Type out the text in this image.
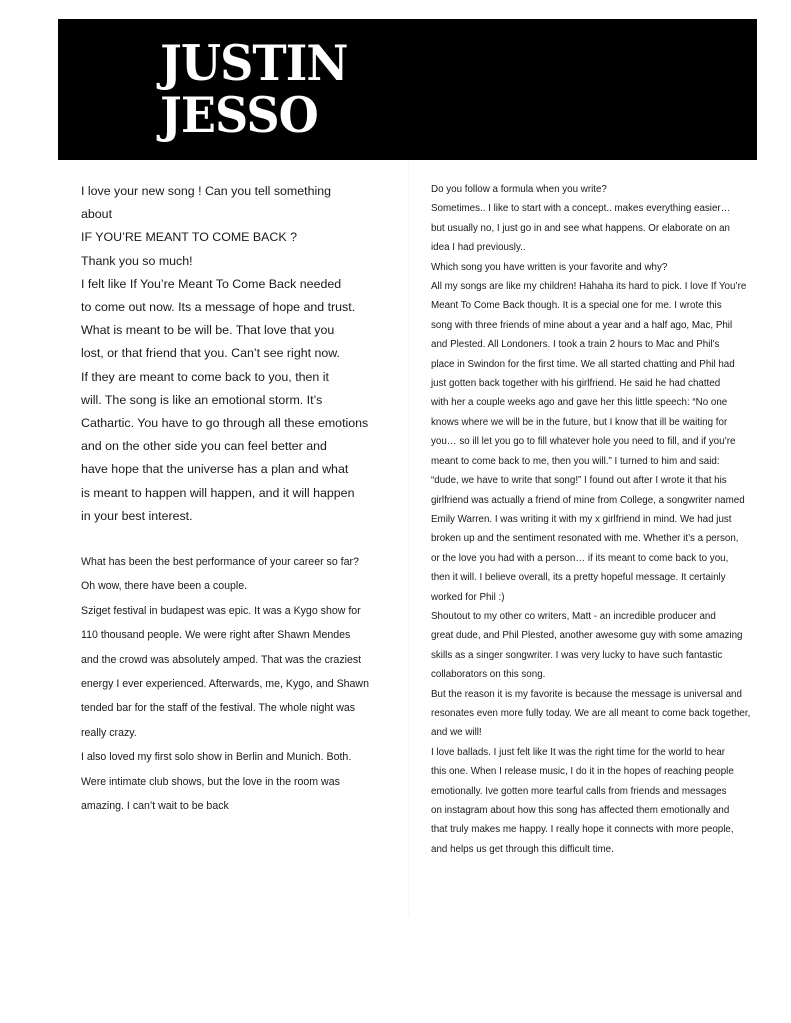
JUSTIN
JESSO

I love your new song ! Can you tell something

about

IF YOU’RE MEANT TO COME BACK ?

Thank you so much!

I felt like If You’re Meant To Come Back needed

to come out now. Its a message of hope and trust.

What is meant to be will be. That love that you

lost, or that friend that you. Can’t see right now.

If they are meant to come back to you, then it

will. The song is like an emotional storm. It’s

Cathartic. You have to go through all these emotions

and on the other side you can feel better and

have hope that the universe has a plan and what

is meant to happen will happen, and it will happen

in your best interest.

What has been the best performance of your career so far?

Oh wow, there have been a couple.

Sziget festival in budapest was epic. It was a Kygo show for

110 thousand people. We were right after Shawn Mendes

and the crowd was absolutely amped. That was the craziest

energy I ever experienced. Afterwards, me, Kygo, and Shawn

tended bar for the staff of the festival. The whole night was

really crazy.

I also loved my first solo show in Berlin and Munich. Both.

Were intimate club shows, but the love in the room was

amazing. I can’t wait to be back

Do you follow a formula when you write?

Sometimes.. I like to start with a concept.. makes everything easier…

but usually no, I just go in and see what happens. Or elaborate on an

idea I had previously..

Which song you have written is your favorite and why?

All my songs are like my children! Hahaha its hard to pick. I love If You’re

Meant To Come Back though. It is a special one for me. I wrote this

song with three friends of mine about a year and a half ago, Mac, Phil

and Plested. All Londoners. I took a train 2 hours to Mac and Phil’s

place in Swindon for the first time. We all started chatting and Phil had

just gotten back together with his girlfriend. He said he had chatted

with her a couple weeks ago and gave her this little speech: “No one

knows where we will be in the future, but I know that ill be waiting for

you… so ill let you go to fill whatever hole you need to fill, and if you’re

meant to come back to me, then you will.” I turned to him and said:

“dude, we have to write that song!” I found out after I wrote it that his

girlfriend was actually a friend of mine from College, a songwriter named

Emily Warren. I was writing it with my x girlfriend in mind. We had just

broken up and the sentiment resonated with me. Whether it’s a person,

or the love you had with a person… if its meant to come back to you,

then it will. I believe overall, its a pretty hopeful message. It certainly

worked for Phil :)

Shoutout to my other co writers, Matt - an incredible producer and

great dude, and Phil Plested, another awesome guy with some amazing

skills as a singer songwriter. I was very lucky to have such fantastic

collaborators on this song.

But the reason it is my favorite is because the message is universal and

resonates even more fully today. We are all meant to come back together,

and we will!

I love ballads. I just felt like It was the right time for the world to hear

this one. When I release music, I do it in the hopes of reaching people

emotionally. Ive gotten more tearful calls from friends and messages

on instagram about how this song has affected them emotionally and

that truly makes me happy. I really hope it connects with more people,

and helps us get through this difficult time.
